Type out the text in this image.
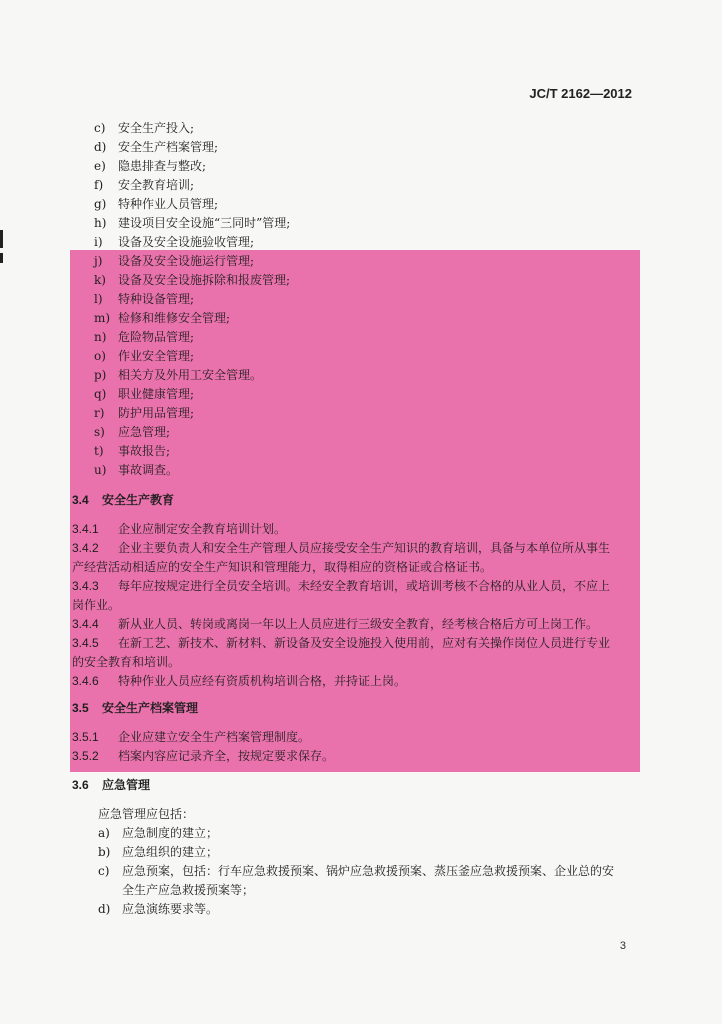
JC/T 2162—2012
c) 安全生产投入;
d) 安全生产档案管理;
e) 隐患排查与整改;
f) 安全教育培训;
g) 特种作业人员管理;
h) 建设项目安全设施“三同时”管理;
i) 设备及安全设施验收管理;
j) 设备及安全设施运行管理;
k) 设备及安全设施拆除和报废管理;
l) 特种设备管理;
m) 检修和维修安全管理;
n) 危险物品管理;
o) 作业安全管理;
p) 相关方及外用工安全管理。
q) 职业健康管理;
r) 防护用品管理;
s) 应急管理;
t) 事故报告;
u) 事故调查。
3.4 安全生产教育
3.4.1 企业应制定安全教育培训计划。
3.4.2 企业主要负责人和安全生产管理人员应接受安全生产知识的教育培训，具备与本单位所从事生
产经营活动相适应的安全生产知识和管理能力，取得相应的资格证或合格证书。
3.4.3 每年应按规定进行全员安全培训。未经安全教育培训，或培训考核不合格的从业人员，不应上
岗作业。
3.4.4 新从业人员、转岗或离岗一年以上人员应进行三级安全教育，经考核合格后方可上岗工作。
3.4.5 在新工艺、新技术、新材料、新设备及安全设施投入使用前，应对有关操作岗位人员进行专业
的安全教育和培训。
3.4.6 特种作业人员应经有资质机构培训合格，并持证上岗。
3.5 安全生产档案管理
3.5.1 企业应建立安全生产档案管理制度。
3.5.2 档案内容应记录齐全，按规定要求保存。
3.6 应急管理
应急管理应包括：
a) 应急制度的建立；
b) 应急组织的建立；
c) 应急预案，包括：行车应急救援预案、锅炉应急救援预案、蒸压釜应急救援预案、企业总的安
全生产应急救援预案等；
d) 应急演练要求等。
3
